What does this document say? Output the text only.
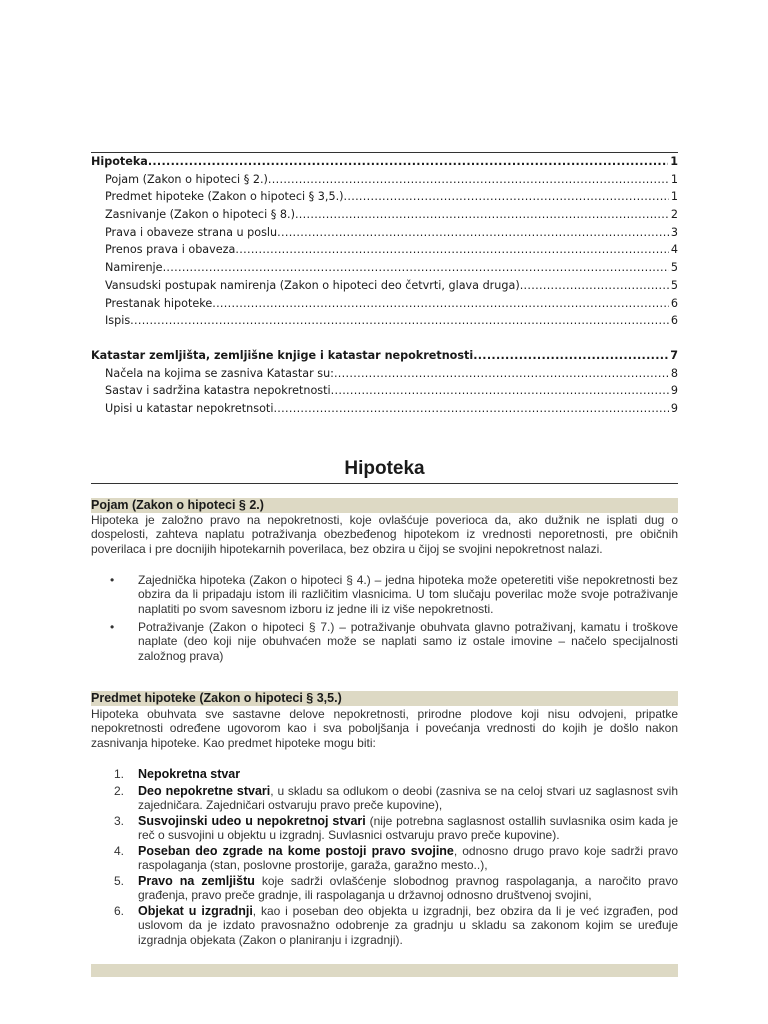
Hipoteka .....	1
Pojam (Zakon o hipoteci § 2.) .....	1
Predmet hipoteke (Zakon o hipoteci § 3,5.) .....	1
Zasnivanje (Zakon o hipoteci § 8.) .....	2
Prava i obaveze strana u poslu .....	3
Prenos prava i obaveza .....	4
Namirenje .....	5
Vansudski postupak namirenja (Zakon o hipoteci deo četvrti, glava druga) .....	5
Prestanak hipoteke .....	6
Ispis .....	6
Katastar zemljišta, zemljišne knjige i katastar nepokretnosti .....	7
Načela na kojima se zasniva Katastar su: .....	8
Sastav i sadržina katastra nepokretnosti .....	9
Upisi u katastar nepokretnsoti .....	9
Hipoteka
Pojam (Zakon o hipoteci § 2.)
Hipoteka je založno pravo na nepokretnosti, koje ovlašćuje poverioca da, ako dužnik ne isplati dug o dospelosti, zahteva naplatu potraživanja obezbeđenog hipotekom iz vrednosti neporetnosti, pre običnih poverilaca i pre docnijih hipotekarnih poverilaca, bez obzira u čijoj se svojini nepokretnost nalazi.
•	Zajednička hipoteka (Zakon o hipoteci § 4.) – jedna hipoteka može opeteretiti više nepokretnosti bez obzira da li pripadaju istom ili različitim vlasnicima. U tom slučaju poverilac može svoje potraživanje naplatiti po svom savesnom izboru iz jedne ili iz više nepokretnosti.
•	Potraživanje (Zakon o hipoteci § 7.) – potraživanje obuhvata glavno potraživanj, kamatu i troškove naplate (deo koji nije obuhvaćen može se naplati samo iz ostale imovine – načelo specijalnosti založnog prava)
Predmet hipoteke (Zakon o hipoteci § 3,5.)
Hipoteka obuhvata sve sastavne delove nepokretnosti, prirodne plodove koji nisu odvojeni, pripatke nepokretnosti određene ugovorom kao i sva poboljšanja i povećanja vrednosti do kojih je došlo nakon zasnivanja hipoteke. Kao predmet hipoteke mogu biti:
1. Nepokretna stvar
2. Deo nepokretne stvari, u skladu sa odlukom o deobi (zasniva se na celoj stvari uz saglasnost svih zajedničara. Zajedničari ostvaruju pravo preče kupovine),
3. Susvojinski udeo u nepokretnoj stvari (nije potrebna saglasnost ostallih suvlasnika osim kada je reč o susvojini u objektu u izgradnj. Suvlasnici ostvaruju pravo preče kupovine).
4. Poseban deo zgrade na kome postoji pravo svojine, odnosno drugo pravo koje sadrži pravo raspolaganja (stan, poslovne prostorije, garaža, garažno mesto..),
5. Pravo na zemljištu koje sadrži ovlašćenje slobodnog pravnog raspolaganja, a naročito pravo građenja, pravo preče gradnje, ili raspolaganja u državnoj odnosno društvenoj svojini,
6. Objekat u izgradnji, kao i poseban deo objekta u izgradnji, bez obzira da li je već izgrađen, pod uslovom da je izdato pravosnažno odobrenje za gradnju u skladu sa zakonom kojim se uređuje izgradnja objekata (Zakon o planiranju i izgradnji).
